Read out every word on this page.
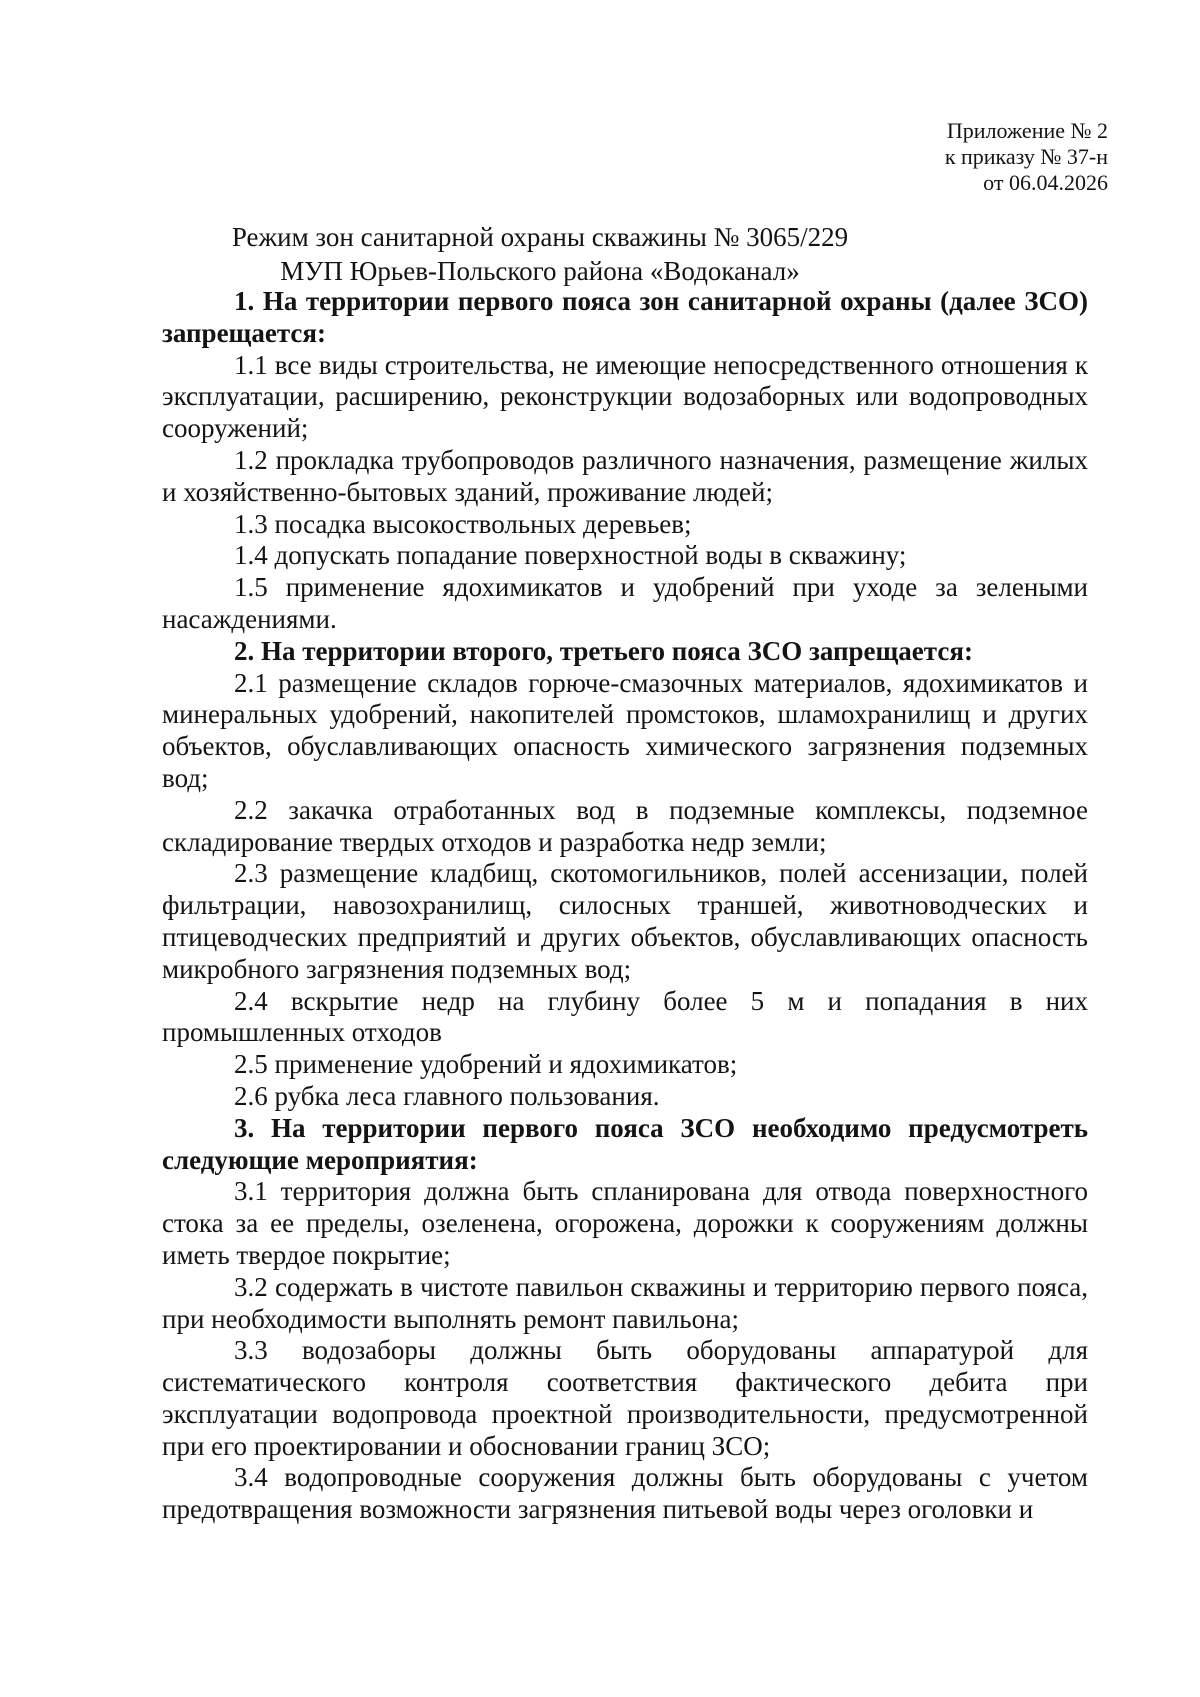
Приложение № 2
к приказу № 37-н
от 06.04.2026
Режим зон санитарной охраны скважины № 3065/229
МУП Юрьев-Польского района «Водоканал»

1. На территории первого пояса зон санитарной охраны (далее ЗСО) запрещается:

1.1 все виды строительства, не имеющие непосредственного отношения к эксплуатации, расширению, реконструкции водозаборных или водопроводных сооружений;

1.2 прокладка трубопроводов различного назначения, размещение жилых и хозяйственно-бытовых зданий, проживание людей;

1.3 посадка высокоствольных деревьев;

1.4 допускать попадание поверхностной воды в скважину;

1.5 применение ядохимикатов и удобрений при уходе за зелеными насаждениями.

2. На территории второго, третьего пояса ЗСО запрещается:

2.1 размещение складов горюче-смазочных материалов, ядохимикатов и минеральных удобрений, накопителей промстоков, шламохранилищ и других объектов, обуславливающих опасность химического загрязнения подземных вод;

2.2 закачка отработанных вод в подземные комплексы, подземное складирование твердых отходов и разработка недр земли;

2.3 размещение кладбищ, скотомогильников, полей ассенизации, полей фильтрации, навозохранилищ, силосных траншей, животноводческих и птицеводческих предприятий и других объектов, обуславливающих опасность микробного загрязнения подземных вод;

2.4 вскрытие недр на глубину более 5 м и попадания в них промышленных отходов

2.5 применение удобрений и ядохимикатов;

2.6 рубка леса главного пользования.

3. На территории первого пояса ЗСО необходимо предусмотреть следующие мероприятия:

3.1 территория должна быть спланирована для отвода поверхностного стока за ее пределы, озеленена, огорожена, дорожки к сооружениям должны иметь твердое покрытие;

3.2 содержать в чистоте павильон скважины и территорию первого пояса, при необходимости выполнять ремонт павильона;

3.3 водозаборы должны быть оборудованы аппаратурой для систематического контроля соответствия фактического дебита при эксплуатации водопровода проектной производительности, предусмотренной при его проектировании и обосновании границ ЗСО;

3.4 водопроводные сооружения должны быть оборудованы с учетом предотвращения возможности загрязнения питьевой воды через оголовки и
